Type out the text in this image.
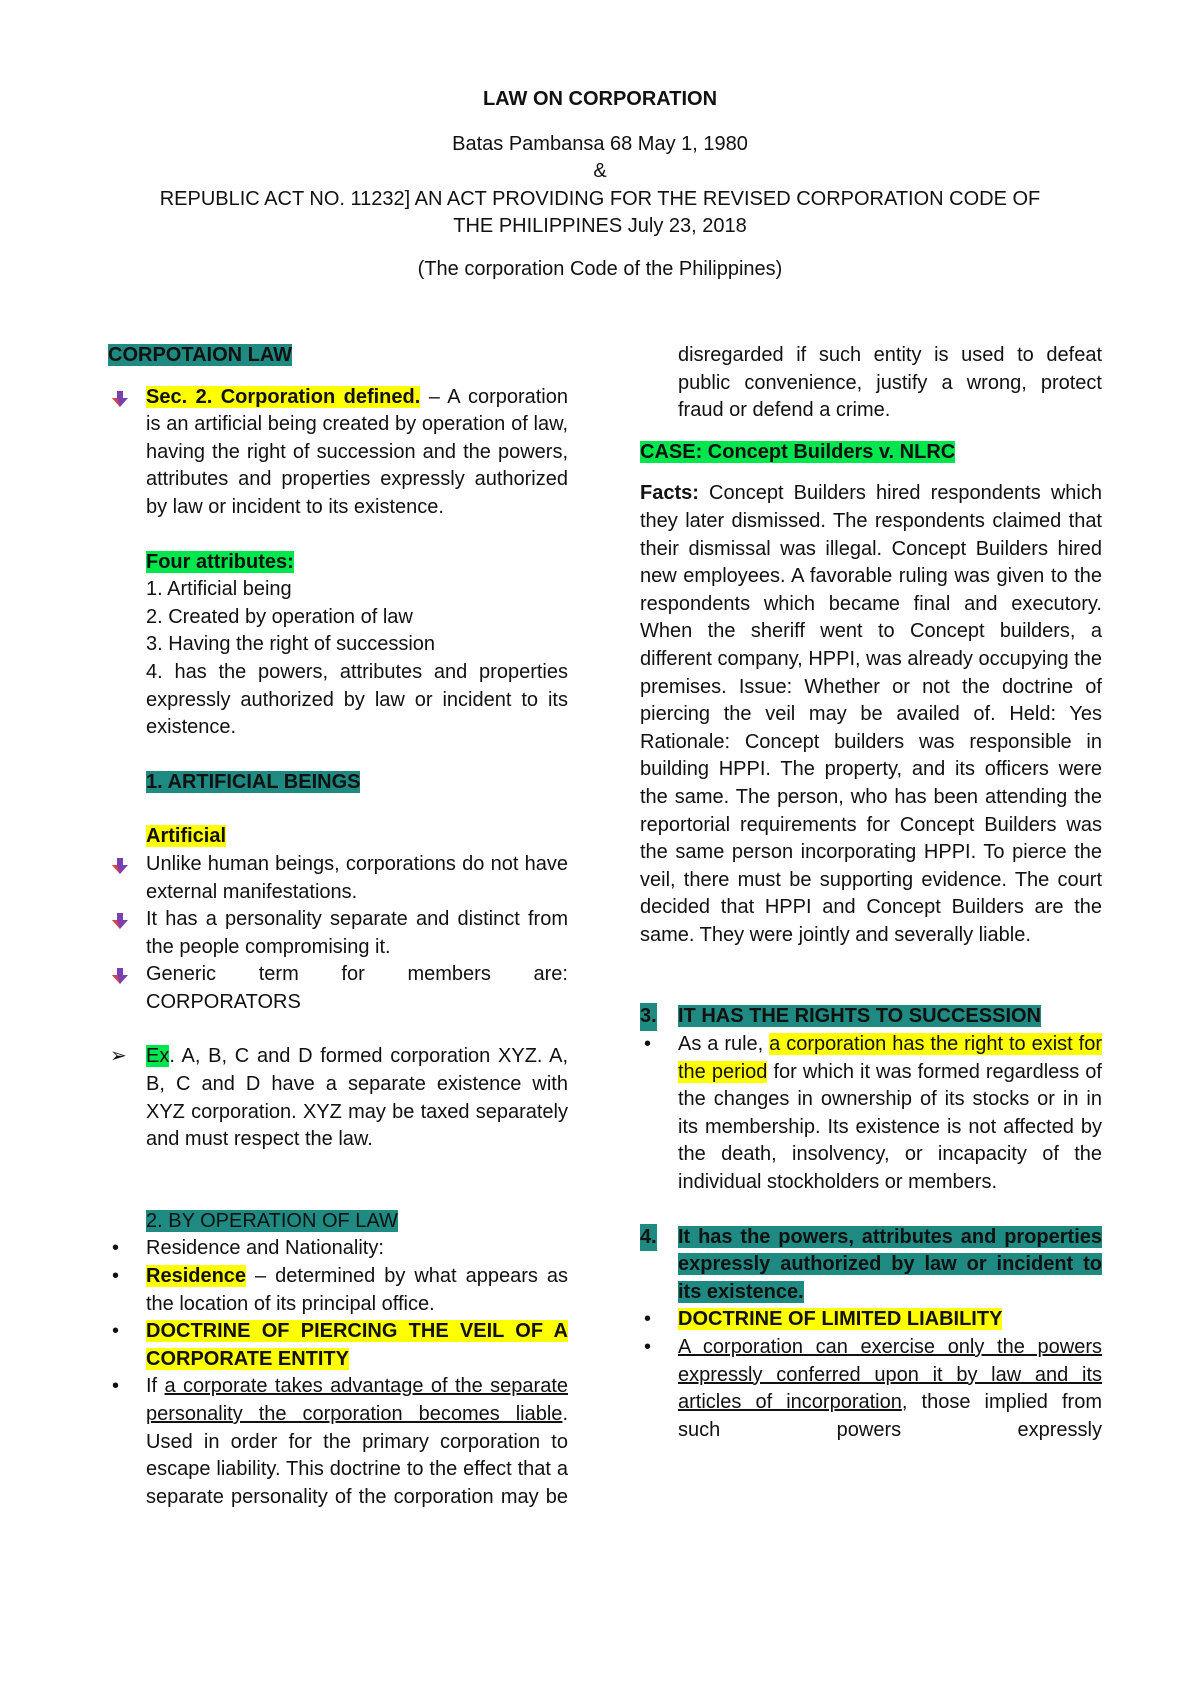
LAW ON CORPORATION
Batas Pambansa 68 May 1, 1980
&
REPUBLIC ACT NO. 11232] AN ACT PROVIDING FOR THE REVISED CORPORATION CODE OF
THE PHILIPPINES July 23, 2018
(The corporation Code of the Philippines)
CORPOTAION LAW
Sec. 2. Corporation defined. – A corporation is an artificial being created by operation of law, having the right of succession and the powers, attributes and properties expressly authorized by law or incident to its existence.
Four attributes:
1. Artificial being
2. Created by operation of law
3. Having the right of succession
4. has the powers, attributes and properties expressly authorized by law or incident to its existence.
1. ARTIFICIAL BEINGS
Artificial
Unlike human beings, corporations do not have external manifestations.
It has a personality separate and distinct from the people compromising it.
Generic term for members are: CORPORATORS
➢ Ex. A, B, C and D formed corporation XYZ. A, B, C and D have a separate existence with XYZ corporation. XYZ may be taxed separately and must respect the law.
2. BY OPERATION OF LAW
• Residence and Nationality:
• Residence – determined by what appears as the location of its principal office.
• DOCTRINE OF PIERCING THE VEIL OF A CORPORATE ENTITY
• If a corporate takes advantage of the separate personality the corporation becomes liable. Used in order for the primary corporation to escape liability. This doctrine to the effect that a separate personality of the corporation may be
disregarded if such entity is used to defeat public convenience, justify a wrong, protect fraud or defend a crime.
CASE: Concept Builders v. NLRC
Facts: Concept Builders hired respondents which they later dismissed. The respondents claimed that their dismissal was illegal. Concept Builders hired new employees. A favorable ruling was given to the respondents which became final and executory. When the sheriff went to Concept builders, a different company, HPPI, was already occupying the premises. Issue: Whether or not the doctrine of piercing the veil may be availed of. Held: Yes Rationale: Concept builders was responsible in building HPPI. The property, and its officers were the same. The person, who has been attending the reportorial requirements for Concept Builders was the same person incorporating HPPI. To pierce the veil, there must be supporting evidence. The court decided that HPPI and Concept Builders are the same. They were jointly and severally liable.
3. IT HAS THE RIGHTS TO SUCCESSION
• As a rule, a corporation has the right to exist for the period for which it was formed regardless of the changes in ownership of its stocks or in in its membership. Its existence is not affected by the death, insolvency, or incapacity of the individual stockholders or members.
4. It has the powers, attributes and properties expressly authorized by law or incident to its existence.
• DOCTRINE OF LIMITED LIABILITY
• A corporation can exercise only the powers expressly conferred upon it by law and its articles of incorporation, those implied from such powers expressly
